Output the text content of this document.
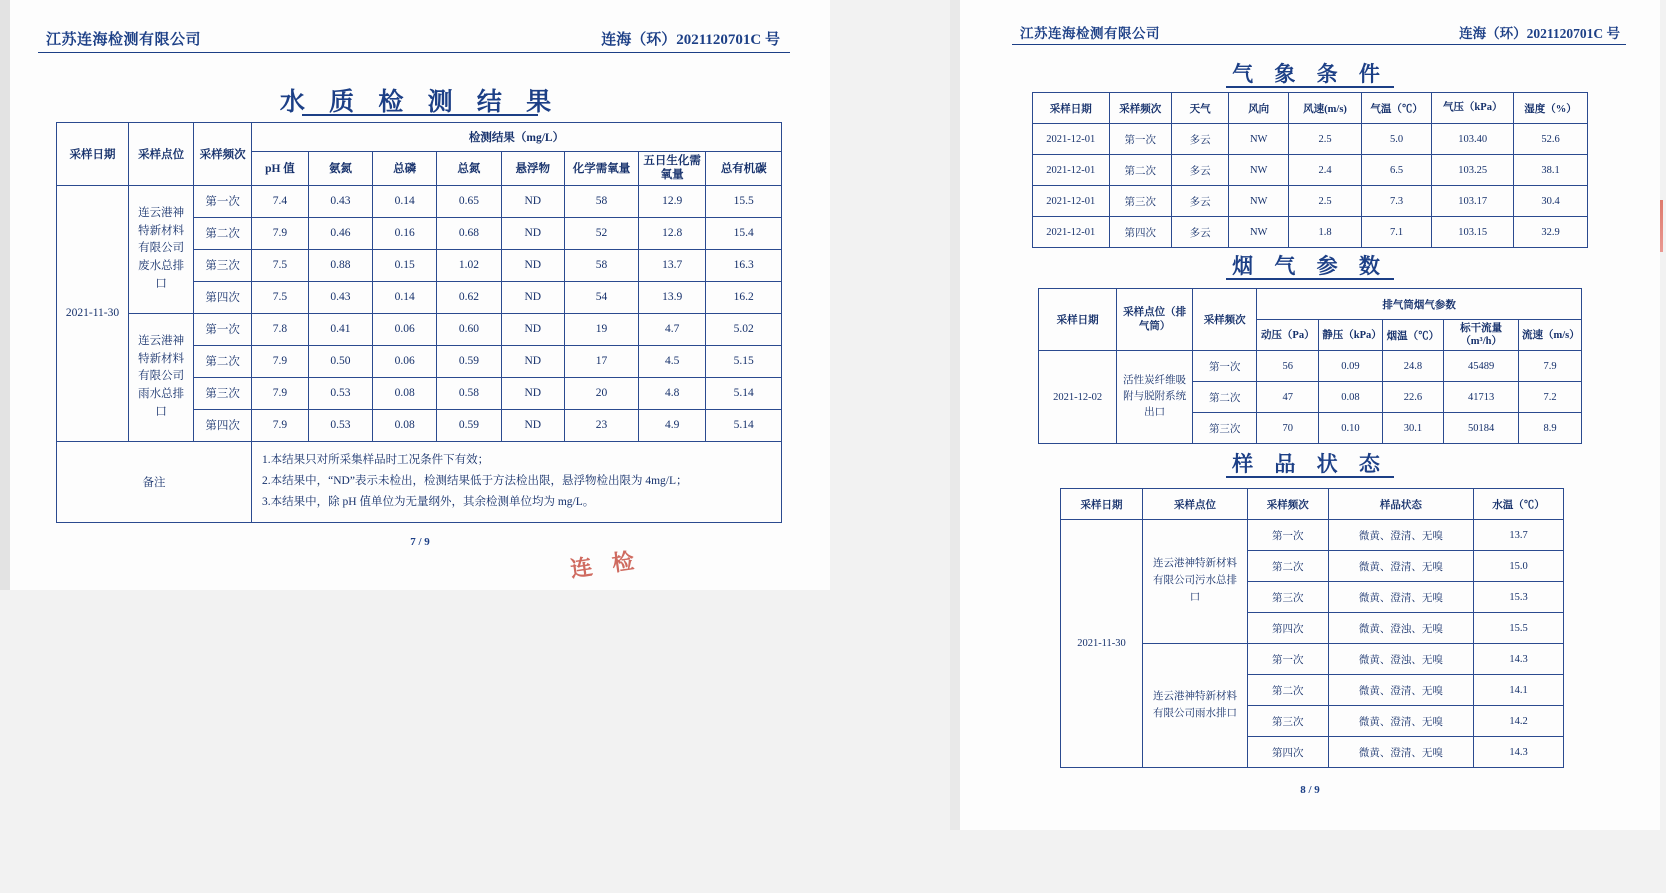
江苏连海检测有限公司	连海（环）2021120701C 号
水 质 检 测 结 果
采样日期	采样点位	采样频次	检测结果（mg/L）							
			pH 值	氨氮	总磷	总氮	悬浮物	化学需氧量	五日生化需氧量	总有机碳
2021-11-30	连云港神特新材料有限公司废水总排口	第一次	7.4	0.43	0.14	0.65	ND	58	12.9	15.5
		第二次	7.9	0.46	0.16	0.68	ND	52	12.8	15.4
		第三次	7.5	0.88	0.15	1.02	ND	58	13.7	16.3
		第四次	7.5	0.43	0.14	0.62	ND	54	13.9	16.2
	连云港神特新材料有限公司雨水总排口	第一次	7.8	0.41	0.06	0.60	ND	19	4.7	5.02
		第二次	7.9	0.50	0.06	0.59	ND	17	4.5	5.15
		第三次	7.9	0.53	0.08	0.58	ND	20	4.8	5.14
		第四次	7.9	0.53	0.08	0.59	ND	23	4.9	5.14
备注			1.本结果只对所采集样品时工况条件下有效；
2.本结果中，“ND”表示未检出，检测结果低于方法检出限，悬浮物检出限为 4mg/L；
3.本结果中，除 pH 值单位为无量纲外，其余检测单位均为 mg/L。							
7 / 9
连 检
江苏连海检测有限公司	连海（环）2021120701C 号
气 象 条 件
采样日期	采样频次	天气	风向	风速(m/s)	气温（℃）	气压（kPa）	湿度（%）
2021-12-01	第一次	多云	NW	2.5	5.0	103.40	52.6
2021-12-01	第二次	多云	NW	2.4	6.5	103.25	38.1
2021-12-01	第三次	多云	NW	2.5	7.3	103.17	30.4
2021-12-01	第四次	多云	NW	1.8	7.1	103.15	32.9
烟 气 参 数
采样日期	采样点位（排气筒）	采样频次	排气筒烟气参数				
			动压（Pa）	静压（kPa）	烟温（℃）	标干流量（m³/h）	流速（m/s）
2021-12-02	活性炭纤维吸附与脱附系统出口	第一次	56	0.09	24.8	45489	7.9
		第二次	47	0.08	22.6	41713	7.2
		第三次	70	0.10	30.1	50184	8.9
样 品 状 态
采样日期	采样点位	采样频次	样品状态	水温（℃）
2021-11-30	连云港神特新材料有限公司污水总排口	第一次	微黄、澄清、无嗅	13.7
		第二次	微黄、澄清、无嗅	15.0
		第三次	微黄、澄清、无嗅	15.3
		第四次	微黄、澄浊、无嗅	15.5
	连云港神特新材料有限公司雨水排口	第一次	微黄、澄浊、无嗅	14.3
		第二次	微黄、澄清、无嗅	14.1
		第三次	微黄、澄清、无嗅	14.2
		第四次	微黄、澄清、无嗅	14.3
8 / 9
